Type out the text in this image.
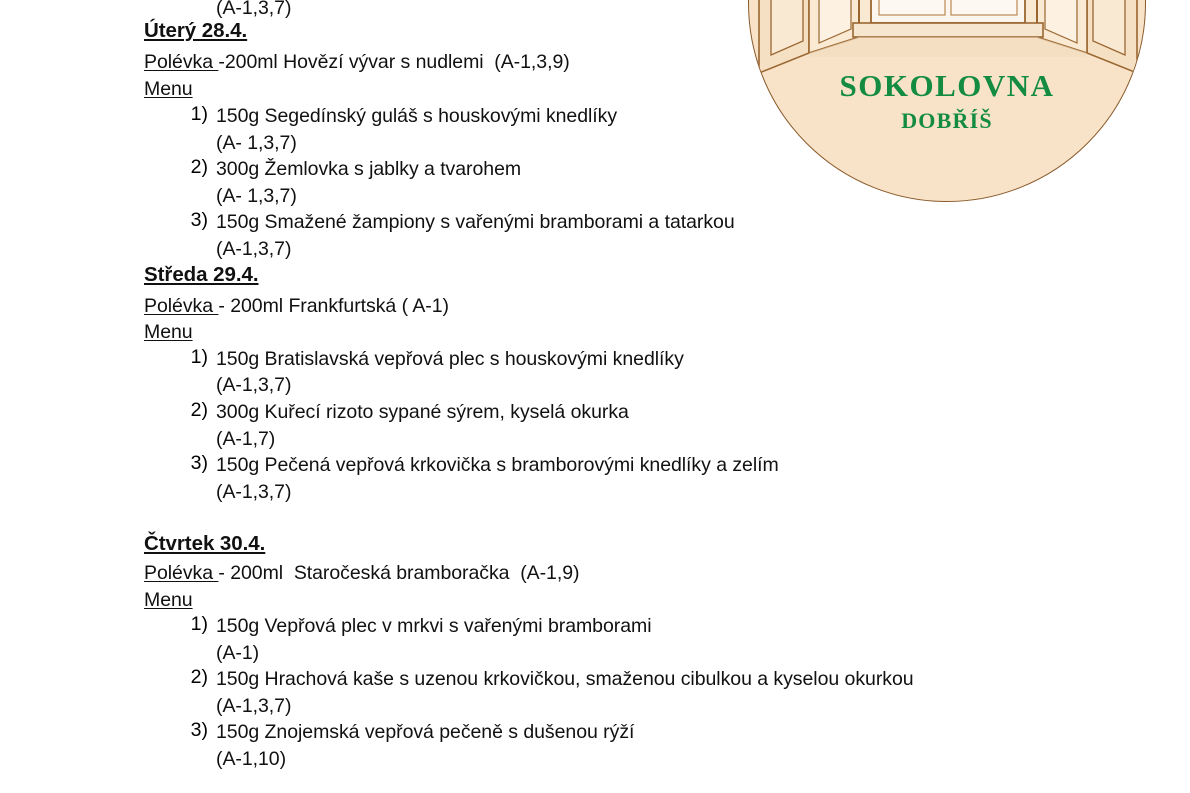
SOKOLOVNA
DOBŘÍŠ
(A-1,3,7)
Úterý 28.4.
Polévka -200ml Hovězí vývar s nudlemi  (A-1,3,9)
Menu
1) 150g Segedínský guláš s houskovými knedlíky
(A- 1,3,7)
2) 300g Žemlovka s jablky a tvarohem
(A- 1,3,7)
3) 150g Smažené žampiony s vařenými bramborami a tatarkou
(A-1,3,7)
Středa 29.4.
Polévka - 200ml Frankfurtská ( A-1)
Menu
1) 150g Bratislavská vepřová plec s houskovými knedlíky
(A-1,3,7)
2) 300g Kuřecí rizoto sypané sýrem, kyselá okurka
(A-1,7)
3) 150g Pečená vepřová krkovička s bramborovými knedlíky a zelím
(A-1,3,7)
Čtvrtek 30.4.
Polévka - 200ml  Staročeská bramboračka  (A-1,9)
Menu
1) 150g Vepřová plec v mrkvi s vařenými bramborami
(A-1)
2) 150g Hrachová kaše s uzenou krkovičkou, smaženou cibulkou a kyselou okurkou
(A-1,3,7)
3) 150g Znojemská vepřová pečeně s dušenou rýží
(A-1,10)
